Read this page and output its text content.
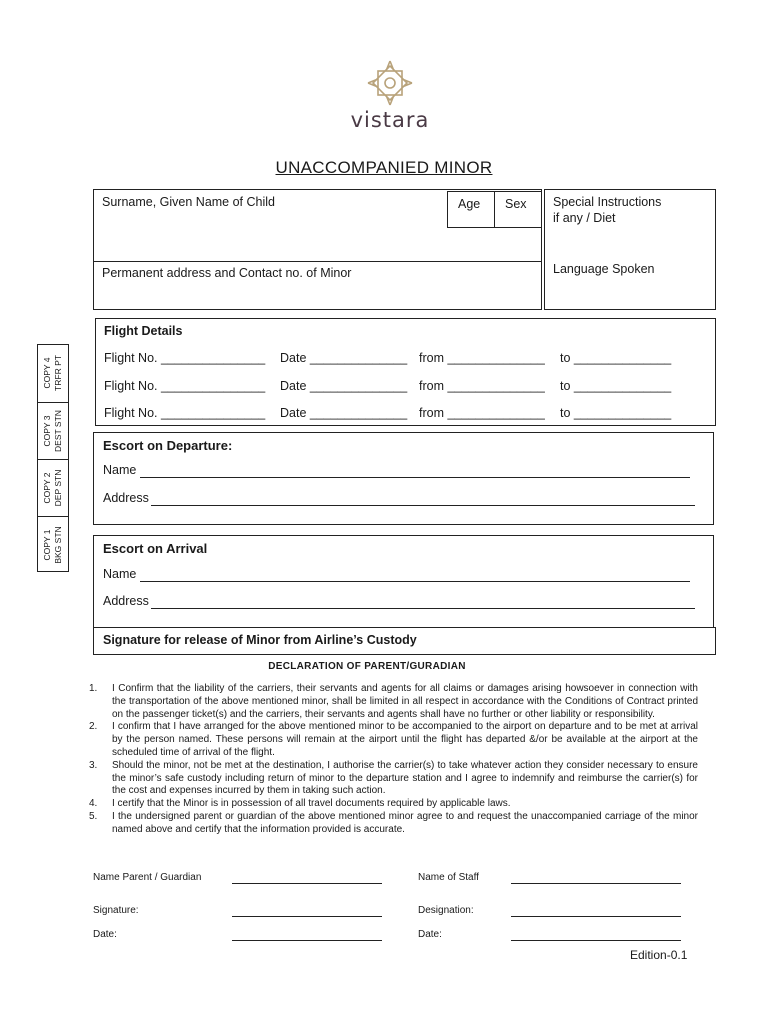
vistara
UNACCOMPANIED MINOR
Surname, Given Name of Child
Permanent address and Contact no. of Minor
Age Sex Special Instructions
if any / Diet
Language Spoken
COPY 4
TRFR PT
COPY 3
DEST STN
COPY 2
DEP STN
COPY 1
BKG STN
Flight Details
Flight No. _______________ Date ______________ from ______________ to ______________
Flight No. _______________ Date ______________ from ______________ to ______________
Flight No. _______________ Date ______________ from ______________ to ______________
Escort on Departure:
Name
Address
Escort on Arrival
Name
Address
Signature for release of Minor from Airline’s Custody
DECLARATION OF PARENT/GURADIAN
1.	I Confirm that the liability of the carriers, their servants and agents for all claims or damages arising howsoever in connection with the transportation of the above mentioned minor, shall be limited in all respect in accordance with the Conditions of Contract printed on the passenger ticket(s) and the carriers, their servants and agents shall have no further or other liability or responsibility.
2.	I confirm that I have arranged for the above mentioned minor to be accompanied to the airport on departure and to be met at arrival by the person named. These persons will remain at the airport until the flight has departed &/or be available at the airport at the scheduled time of arrival of the flight.
3.	Should the minor, not be met at the destination, I authorise the carrier(s) to take whatever action they consider necessary to ensure the minor’s safe custody including return of minor to the departure station and I agree to indemnify and reimburse the carrier(s) for the cost and expenses incurred by them in taking such action.
4.	I certify that the Minor is in possession of all travel documents required by applicable laws.
5.	I the undersigned parent or guardian of the above mentioned minor agree to and request the unaccompanied carriage of the minor named above and certify that the information provided is accurate.
Name Parent / Guardian	Name of Staff
Signature:	Designation:
Date:	Date:
Edition-0.1
